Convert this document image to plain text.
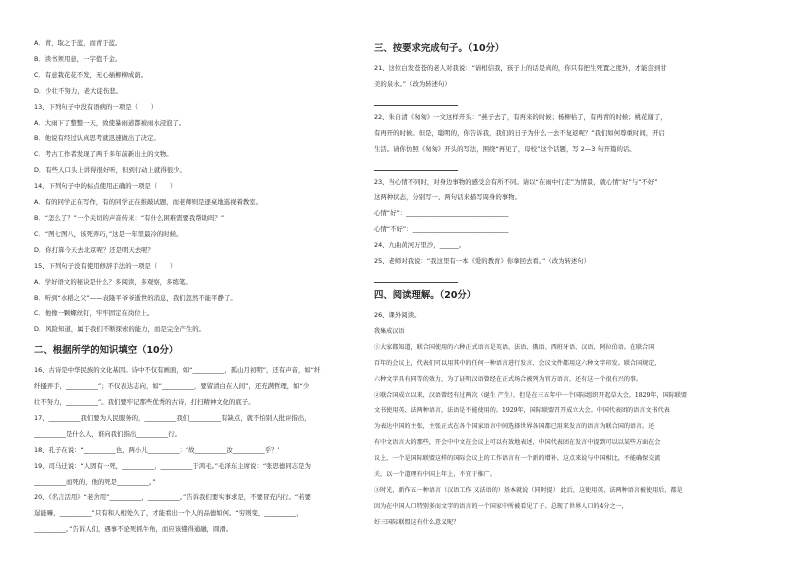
A．青，取之于蓝，而青于蓝。
B．读书须用意，一字值千金。
C．有意栽花花不发，无心插柳柳成荫。
D．少壮不努力，老大徒伤悲。
13、下列句子中没有语病的一项是（　　）
A．大雨下了整整一天，致使暴雨道都被雨水浸泡了。
B．他说有经过认真思考就迅速做出了决定。
C．考古工作者发现了两千多年前新出土的文物。
D．有些人口头上讲得很好听，但到行动上就得很少。
14、下列句子中的标点使用正确的一项是（　　）
A．有的同学正在写作，有的同学正在推敲试题，而老师则是逐桌地巡视着教室。
B．“怎么了？”一个关切的声音传来：“有什么困难需要我帮助吗？”
C．“图七图八，该死弄巧，”这是一年里最冷的时候。
D．你打算今天去北京呢？还是明天去呢？
15、下列句子没有使用修辞手法的一项是（　　）
A．学好语文的秘诀是什么？多阅读，多观察，多练笔。
B．听到“水稻之父”——袁隆平爷爷逝世的消息，我们忽然不能平静了。
C．他像一颗螺丝钉，牢牢固定在岗位上。
D．风险知道，属于我们不断探索的能力，而是完全产生的。
二、根据所学的知识填空（10分）
16、古诗是中华民族的文化基因。诗中不仅有画面，如“__________，孤山月初明”，还有声音，如“纤
纤搔弄手，__________”；不仅表达志向，如“__________，要留清白在人间”，还充满哲理，如“少
壮不努力，__________”。我们要牢记那些优秀的古诗，打扫精神文化的底子。
17、__________我们要为人民服务的，__________我们__________有缺点，就不怕别人批评指出，
__________是什么人，谁向我们指出__________行。
18、孔子在说：“__________也，两小儿__________：‘故__________汝__________乎？’
19、司马迁说：“人固有一死，__________，__________于鸿毛。”毛泽东主席说：“张思德同志是为
__________而死的，他的死是__________。”
20、《名言活用》“老舍用”__________，__________。”告诉我们要实事求是，不要冒充内行。“若要
逞能嘛，__________”只有和人相处久了，才能看出一个人的品德如何。“穷则变，__________，
__________。”告诉人们，遇事不论死抓牛角，而应该懂得通融，圆滑。
三、按要求完成句子。（10分）
21、这位白发苍苍的老人对我说：“请相信我，孩子上的话是真的，你只有把生死置之度外，才能尝到甘
美的泉水。”（改为转述句）
22、朱自清《匆匆》一文这样开头：“燕子去了，有再来的时候；杨柳枯了，有再青的时候；桃花谢了，
有再开的时候。但是，聪明的，你告诉我，我们的日子为什么一去不复返呢？”我们如何尊重时间，开启
生活。请你仿照《匆匆》开头的写法，围绕“再见了，母校”这个话题，写 2—3 句开篇的话。
23、当心情不同时，对身边事物的感受会有所不同。请以“在雨中行走”为情景，就心情“好”与“不好”
这两种状态，分别写一、两句话来描写周身的事物。
心情“好”：________________________________
心情“不好”：______________________________
24、九曲黄河万里沙，______。
25、老师对我说：“我这里有一本《爱的教育》你拿回去看。”（改为转述句）
四、阅读理解。（20分）
26、课外阅读。
我集成汉语
①大家都知道，联合国使用的六种正式语言是英语、法语、俄语、西班牙语、汉语、阿拉伯语。在联合国
百年的会议上，代表们可以用其中的任何一种语言进行发言，会议文件都用这六种文字印发。联合国规定，
六种文字具有同等的效力，为了证明汉语曾经在正式场合被列为官方语言，还有这一个很有兴的事。
②联合国成立以来，汉语曾经有过两次（诞生 产生），但是在三五年中一个国际组织开起草大会，1829年，国际联盟
文书使用英、法两种语言，法语是不能使用的。1929年，国际联盟召开成立大会。中国代表团的语言文书代表
为表达中国的主张，主张正式在各个国家语言中间选择世界各国都已用来发言的语言为联合国的语言。还
有中文语言大的那些，开会中中文在会议上可以有效地表述，中国代表团在发言中提到可以以某些方面在会
议上，一个是国际联盟这样的国际会议上的工作语言有一个新的增补。这点来说与中国相比，不能确保交流
关。以一个道理有中国上年上，不宜于推广。
③时光，新作五一种语言（汉语工作 又法语的）基本就说（同时提） 此后，这使用英、法两种语言被使用后，都是
因为在中国人口特别多而文字的语言的一个国家中所被看见了子。总现了世界人口的4分之一，
好三国际联盟这有什么意义呢？
